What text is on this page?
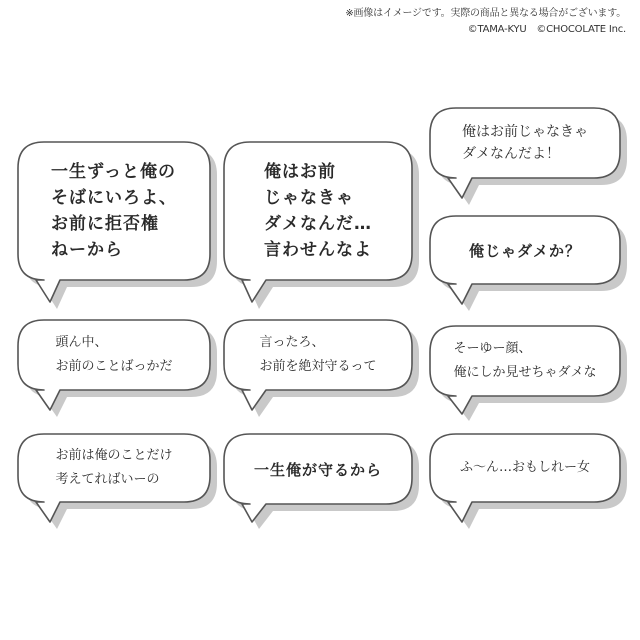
※画像はイメージです。実際の商品と異なる場合がございます。
©TAMA-KYU　©CHOCOLATE Inc.
一生ずっと俺の
そばにいろよ、
お前に拒否権
ねーから
俺はお前
じゃなきゃ
ダメなんだ…
言わせんなよ
俺はお前じゃなきゃ
ダメなんだよ！
俺じゃダメか？
頭ん中、
お前のことばっかだ
言ったろ、
お前を絶対守るって
そーゆー顔、
俺にしか見せちゃダメな
お前は俺のことだけ
考えてればいーの
一生俺が守るから	ふ～ん…おもしれー女
